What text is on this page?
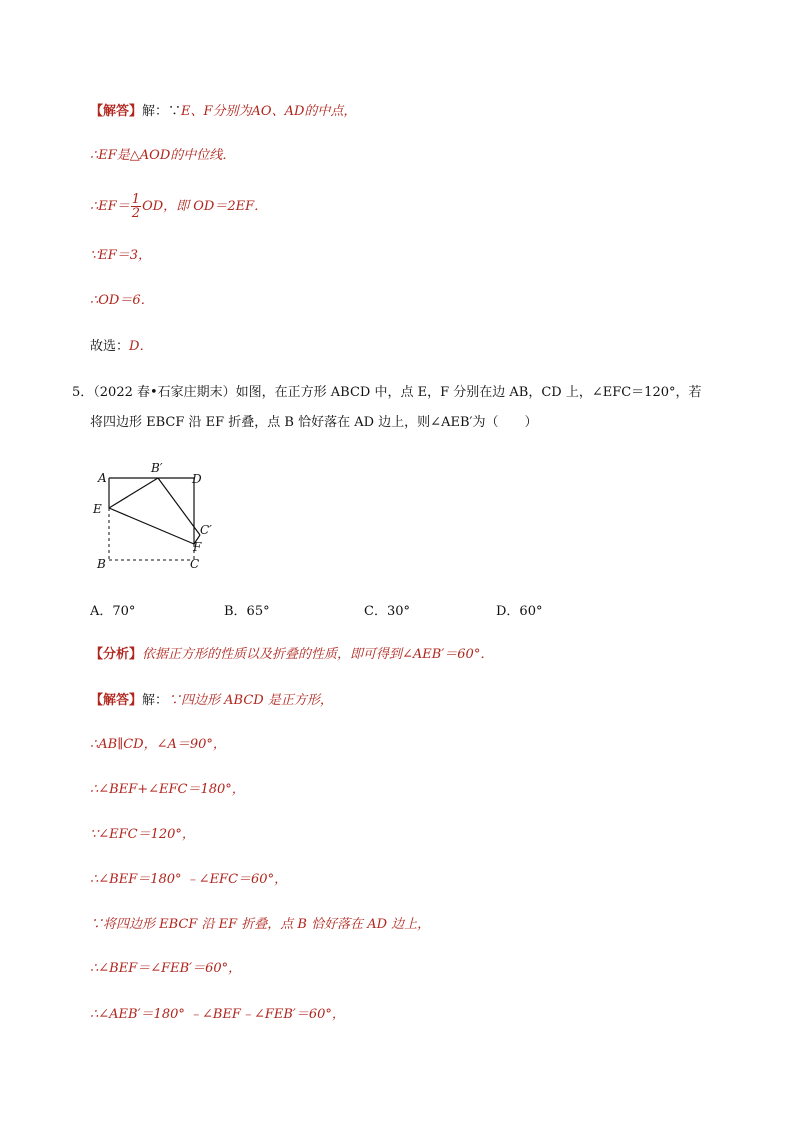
【解答】解：∵E、F分别为AO、AD的中点，
∴EF是△AOD的中位线．
∴EF＝ $\frac{1}{2}$ OD，即 OD＝2EF．
∵EF＝3，
∴OD＝6．
故选：D．
5．（2022 春•石家庄期末）如图，在正方形 ABCD 中，点 E，F 分别在边 AB，CD 上，∠EFC＝120°，若
将四边形 EBCF 沿 EF 折叠，点 B 恰好落在 AD 边上，则∠AEB′为（　　）
A
B′
D
E
C′
F
B	C
A．70°	B．65°	C．30°	D．60°
【分析】依据正方形的性质以及折叠的性质，即可得到∠AEB′＝60°．
【解答】解：∵四边形 ABCD 是正方形，
∴AB∥CD，∠A＝90°，
∴∠BEF+∠EFC＝180°，
∵∠EFC＝120°，
∴∠BEF＝180° ﹣∠EFC＝60°，
∵将四边形 EBCF 沿 EF 折叠，点 B 恰好落在 AD 边上，
∴∠BEF＝∠FEB′＝60°，
∴∠AEB′＝180° ﹣∠BEF﹣∠FEB′＝60°，
